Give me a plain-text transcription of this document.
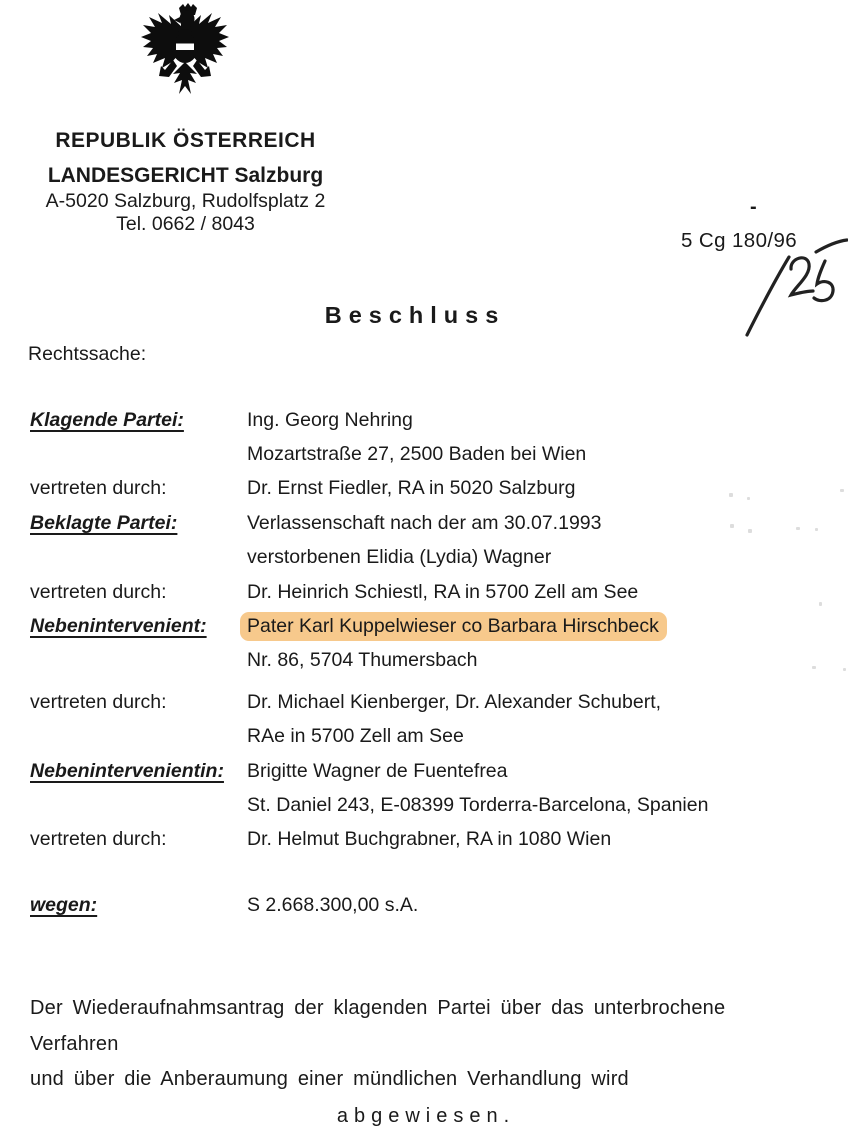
REPUBLIK ÖSTERREICH
LANDESGERICHT Salzburg
A-5020 Salzburg, Rudolfsplatz 2
Tel. 0662 / 8043
-
5 Cg 180/96
Beschluss
Rechtssache:
Klagende Partei:	Ing. Georg Nehring
Mozartstraße 27, 2500 Baden bei Wien
vertreten durch:	Dr. Ernst Fiedler, RA in 5020 Salzburg
Beklagte Partei:	Verlassenschaft nach der am 30.07.1993
verstorbenen Elidia (Lydia) Wagner
vertreten durch:	Dr. Heinrich Schiestl, RA in 5700 Zell am See
Nebenintervenient:	Pater Karl Kuppelwieser co Barbara Hirschbeck
Nr. 86, 5704 Thumersbach
vertreten durch:	Dr. Michael Kienberger, Dr. Alexander Schubert,
RAe in 5700 Zell am See
Nebenintervenientin:	Brigitte Wagner de Fuentefrea
St. Daniel 243, E-08399 Torderra-Barcelona, Spanien
vertreten durch:	Dr. Helmut Buchgrabner, RA in 1080 Wien
wegen:	S 2.668.300,00 s.A.
Der Wiederaufnahmsantrag der klagenden Partei über das unterbrochene Verfahren
und über die Anberaumung einer mündlichen Verhandlung wird
abgewiesen.
